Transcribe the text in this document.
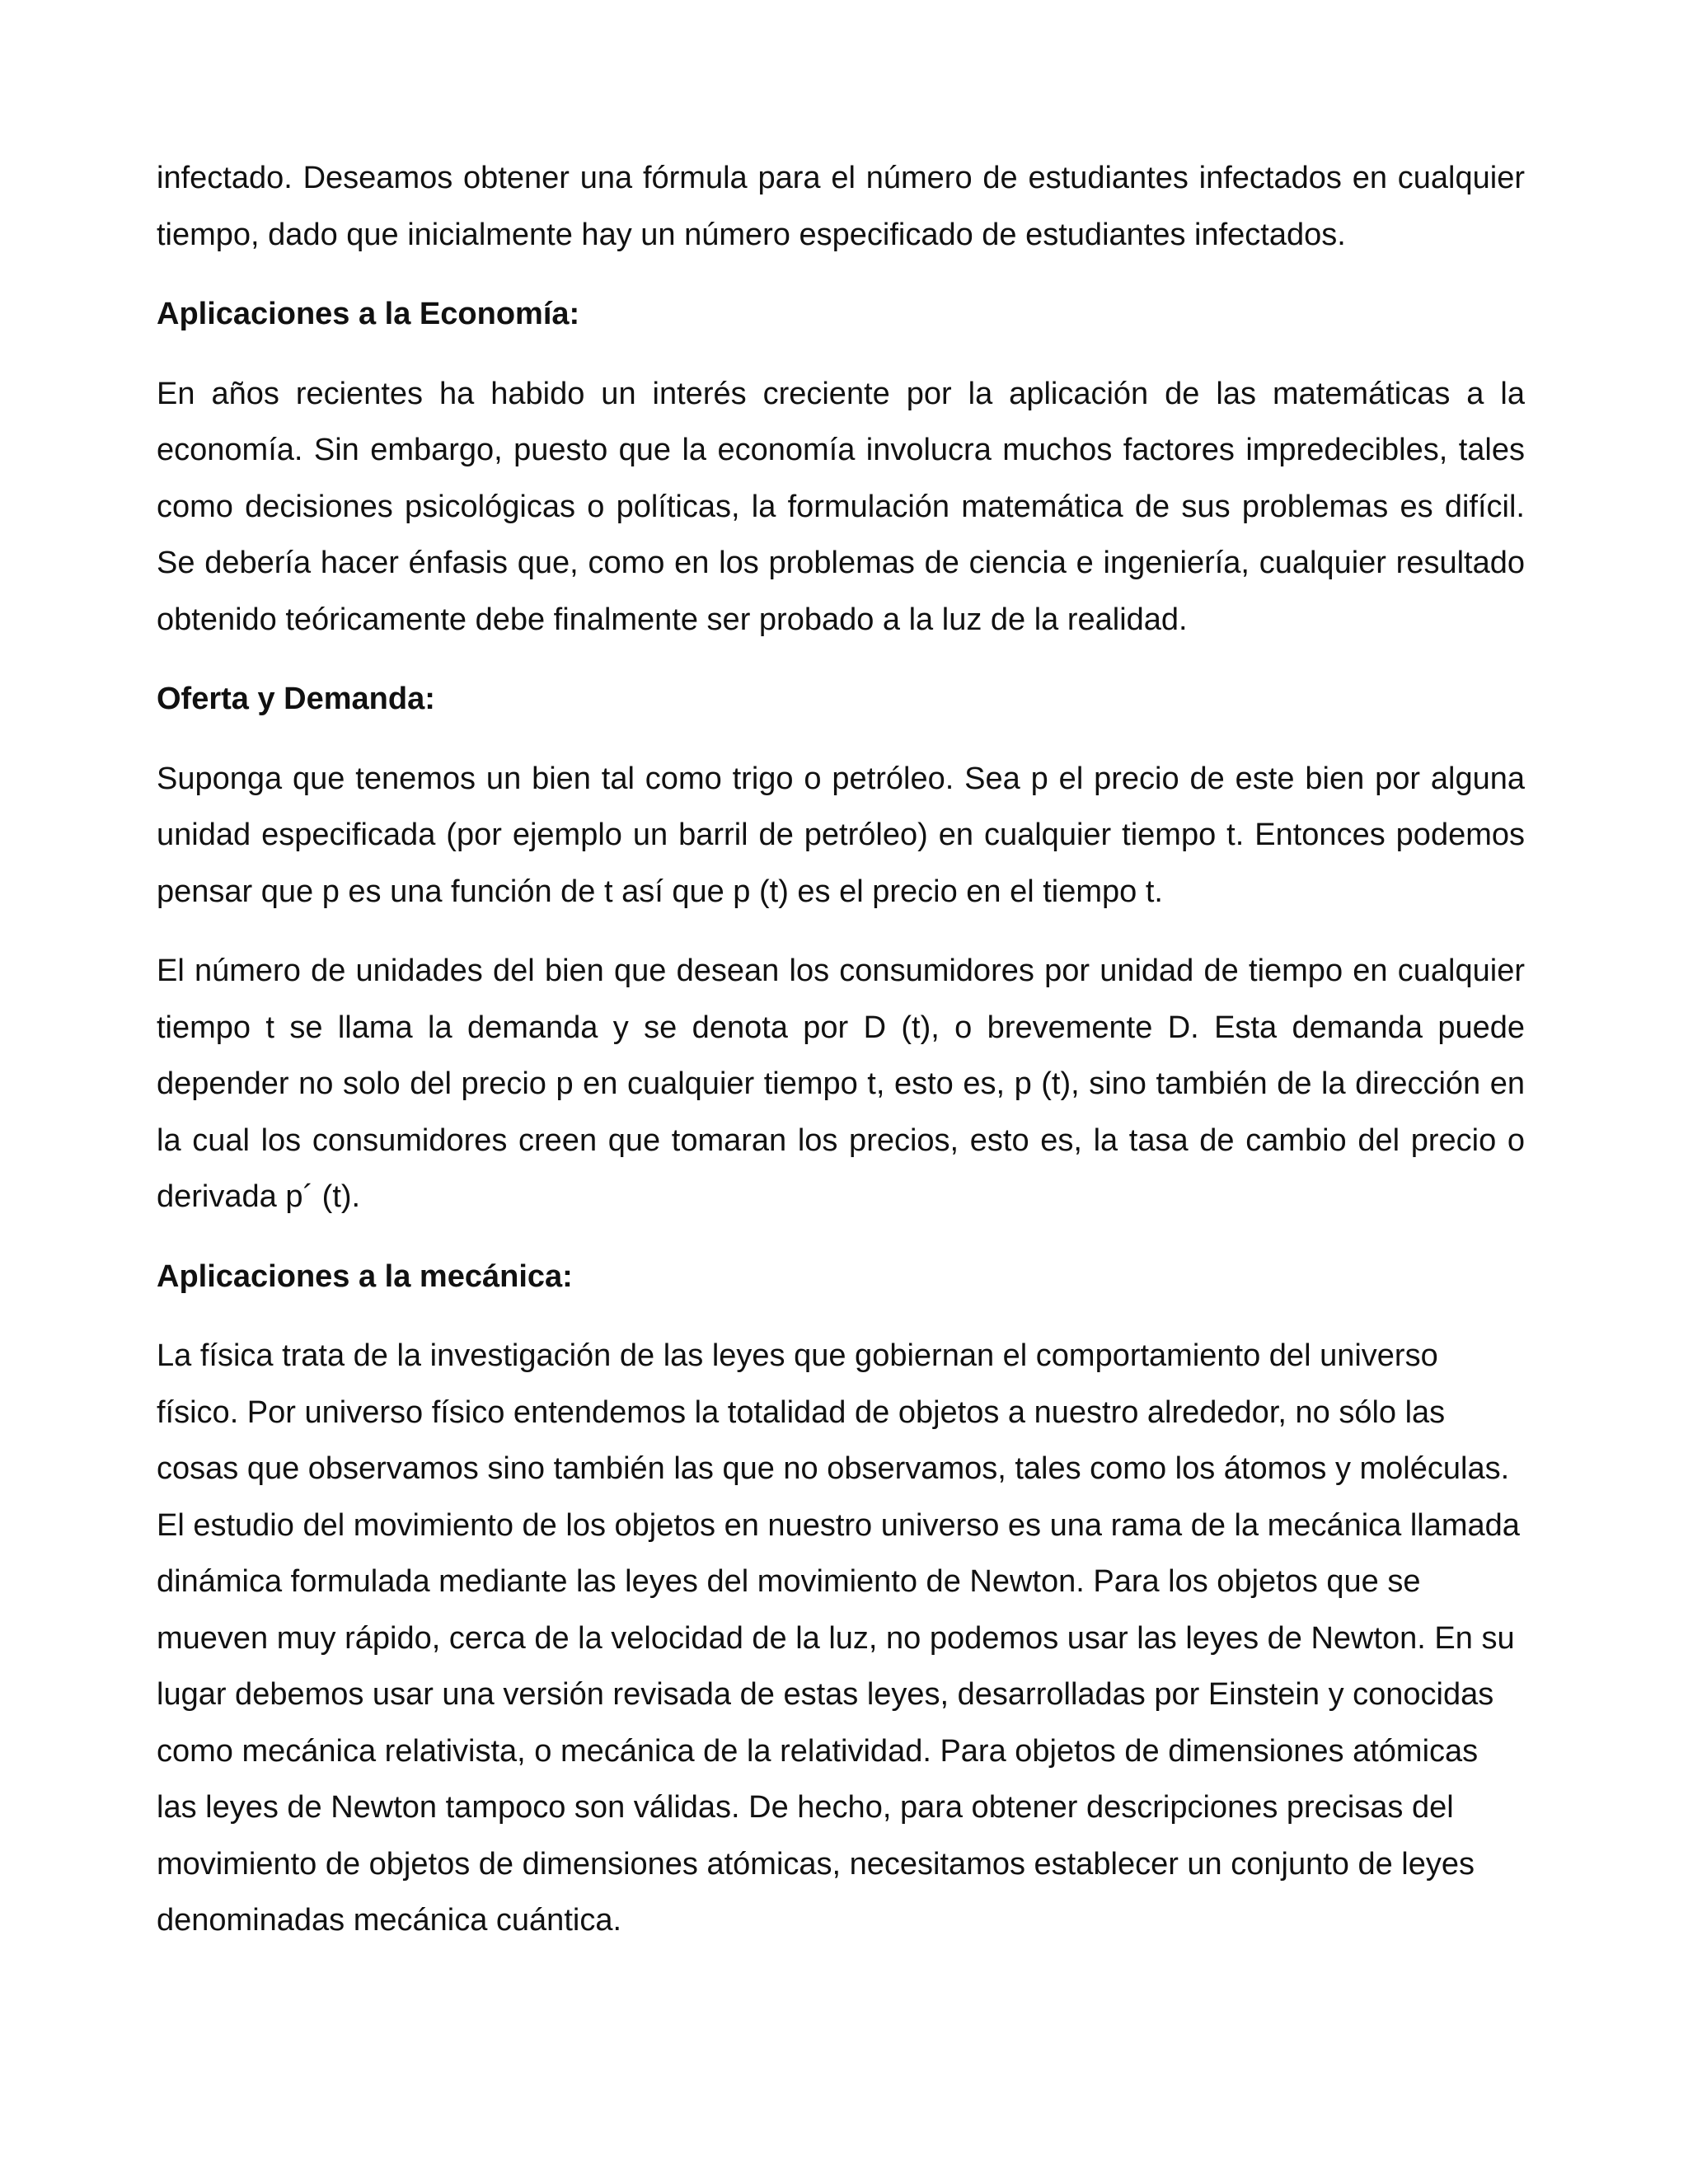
infectado. Deseamos obtener una fórmula para el número de estudiantes infectados en cualquier tiempo, dado que inicialmente hay un número especificado de estudiantes infectados.

Aplicaciones a la Economía:

En años recientes ha habido un interés creciente por la aplicación de las matemáticas a la economía. Sin embargo, puesto que la economía involucra muchos factores impredecibles, tales como decisiones psicológicas o políticas, la formulación matemática de sus problemas es difícil. Se debería hacer énfasis que, como en los problemas de ciencia e ingeniería, cualquier resultado obtenido teóricamente debe finalmente ser probado a la luz de la realidad.

Oferta y Demanda:

Suponga que tenemos un bien tal como trigo o petróleo. Sea p el precio de este bien por alguna unidad especificada (por ejemplo un barril de petróleo) en cualquier tiempo t. Entonces podemos pensar que p es una función de t así que p (t) es el precio en el tiempo t.

El número de unidades del bien que desean los consumidores por unidad de tiempo en cualquier tiempo t se llama la demanda y se denota por D (t), o brevemente D. Esta demanda puede depender no solo del precio p en cualquier tiempo t, esto es, p (t), sino también de la dirección en la cual los consumidores creen que tomaran los precios, esto es, la tasa de cambio del precio o derivada p´ (t).

Aplicaciones a la mecánica:

La física trata de la investigación de las leyes que gobiernan el comportamiento del universo físico. Por universo físico entendemos la totalidad de objetos a nuestro alrededor, no sólo las cosas que observamos sino también las que no observamos, tales como los átomos y moléculas. El estudio del movimiento de los objetos en nuestro universo es una rama de la mecánica llamada dinámica formulada mediante las leyes del movimiento de Newton. Para los objetos que se mueven muy rápido, cerca de la velocidad de la luz, no podemos usar las leyes de Newton. En su lugar debemos usar una versión revisada de estas leyes, desarrolladas por Einstein y conocidas como mecánica relativista, o mecánica de la relatividad. Para objetos de dimensiones atómicas las leyes de Newton tampoco son válidas. De hecho, para obtener descripciones precisas del movimiento de objetos de dimensiones atómicas, necesitamos establecer un conjunto de leyes denominadas mecánica cuántica.
